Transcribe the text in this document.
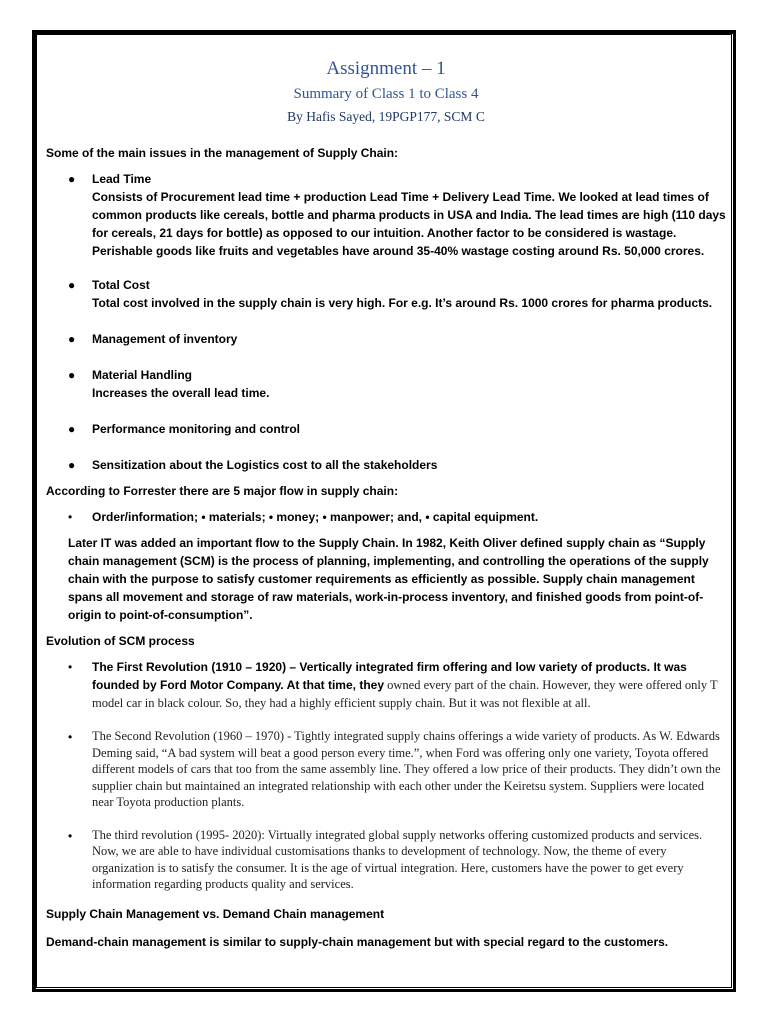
Assignment – 1
Summary of Class 1 to Class 4
By Hafis Sayed, 19PGP177, SCM C
Some of the main issues in the management of Supply Chain:
● Lead Time
Consists of Procurement lead time + production Lead Time + Delivery Lead Time. We looked at lead times of common products like cereals, bottle and pharma products in USA and India. The lead times are high (110 days for cereals, 21 days for bottle) as opposed to our intuition. Another factor to be considered is wastage. Perishable goods like fruits and vegetables have around 35-40% wastage costing around Rs. 50,000 crores.
● Total Cost
Total cost involved in the supply chain is very high. For e.g. It’s around Rs. 1000 crores for pharma products.
● Management of inventory
● Material Handling
Increases the overall lead time.
● Performance monitoring and control
● Sensitization about the Logistics cost to all the stakeholders
According to Forrester there are 5 major flow in supply chain:
• Order/information; • materials; • money; • manpower; and, • capital equipment.
Later IT was added an important flow to the Supply Chain. In 1982, Keith Oliver defined supply chain as “Supply chain management (SCM) is the process of planning, implementing, and controlling the operations of the supply chain with the purpose to satisfy customer requirements as efficiently as possible. Supply chain management spans all movement and storage of raw materials, work-in-process inventory, and finished goods from point-of-origin to point-of-consumption”.
Evolution of SCM process
• The First Revolution (1910 – 1920) – Vertically integrated firm offering and low variety of products. It was founded by Ford Motor Company. At that time, they owned every part of the chain. However, they were offered only T model car in black colour. So, they had a highly efficient supply chain. But it was not flexible at all.
• The Second Revolution (1960 – 1970) - Tightly integrated supply chains offerings a wide variety of products. As W. Edwards Deming said, “A bad system will beat a good person every time.”, when Ford was offering only one variety, Toyota offered different models of cars that too from the same assembly line. They offered a low price of their products. They didn’t own the supplier chain but maintained an integrated relationship with each other under the Keiretsu system. Suppliers were located near Toyota production plants.
• The third revolution (1995- 2020): Virtually integrated global supply networks offering customized products and services. Now, we are able to have individual customisations thanks to development of technology. Now, the theme of every organization is to satisfy the consumer. It is the age of virtual integration. Here, customers have the power to get every information regarding products quality and services.
Supply Chain Management vs. Demand Chain management
Demand-chain management is similar to supply-chain management but with special regard to the customers.
